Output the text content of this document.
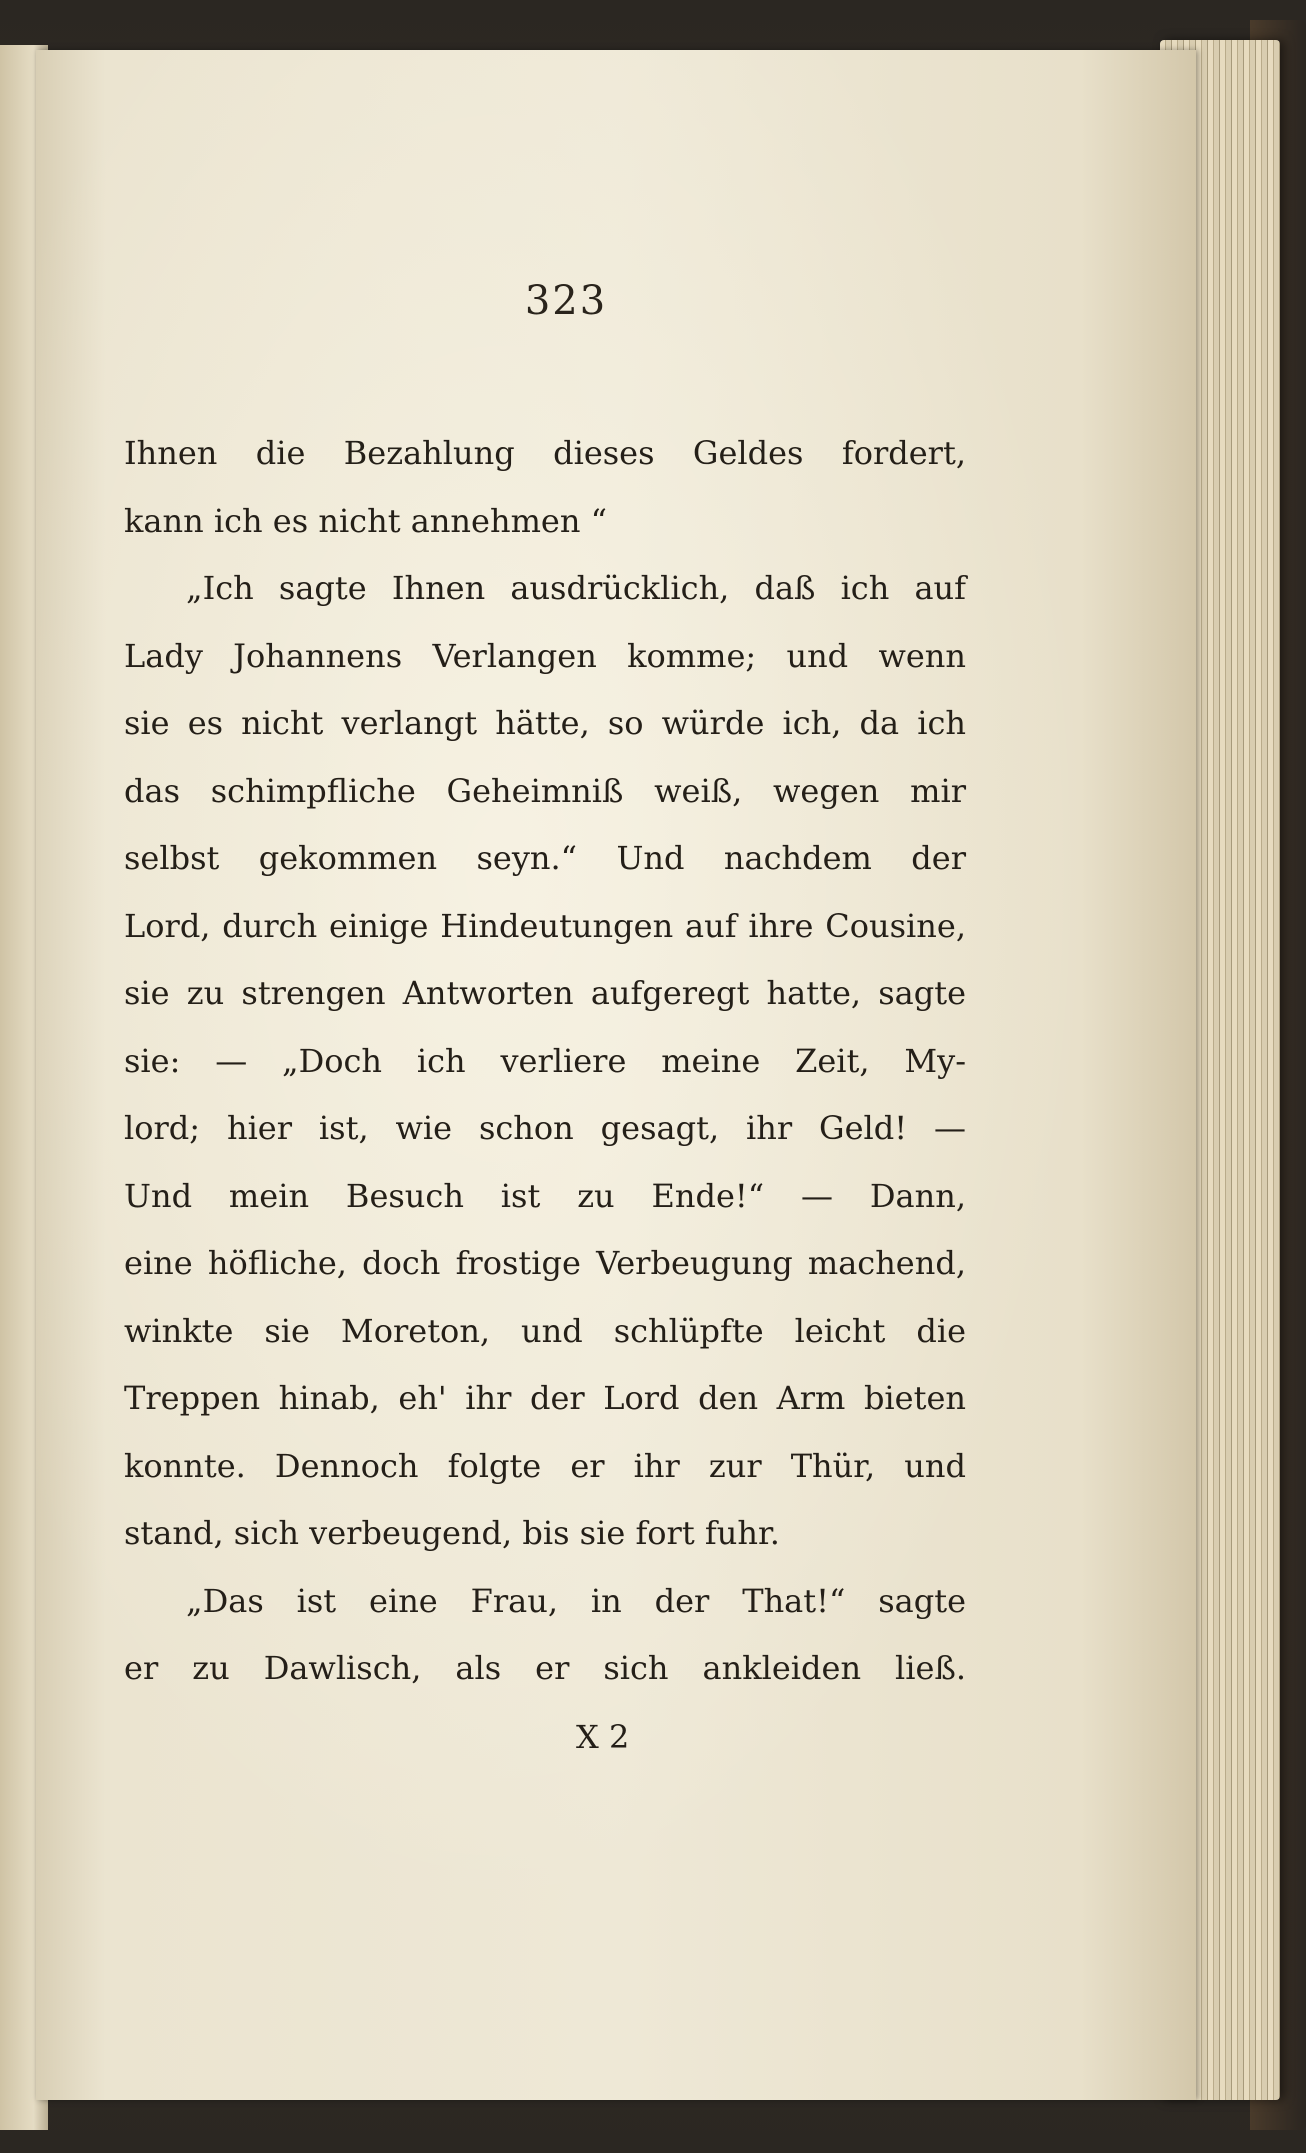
323
Ihnen die Bezahlung dieses Geldes fordert,
kann ich es nicht annehmen “
„Ich sagte Ihnen ausdrücklich, daß ich auf
Lady Johannens Verlangen komme; und wenn
sie es nicht verlangt hätte, so würde ich, da ich
das schimpfliche Geheimniß weiß, wegen mir
selbst gekommen seyn.“ Und nachdem der
Lord, durch einige Hindeutungen auf ihre Cousine,
sie zu strengen Antworten aufgeregt hatte, sagte
sie: — „Doch ich verliere meine Zeit, My-
lord; hier ist, wie schon gesagt, ihr Geld! —
Und mein Besuch ist zu Ende!“ — Dann,
eine höfliche, doch frostige Verbeugung machend,
winkte sie Moreton, und schlüpfte leicht die
Treppen hinab, eh' ihr der Lord den Arm bieten
konnte. Dennoch folgte er ihr zur Thür, und
stand, sich verbeugend, bis sie fort fuhr.
„Das ist eine Frau, in der That!“ sagte
er zu Dawlisch, als er sich ankleiden ließ.
X 2
